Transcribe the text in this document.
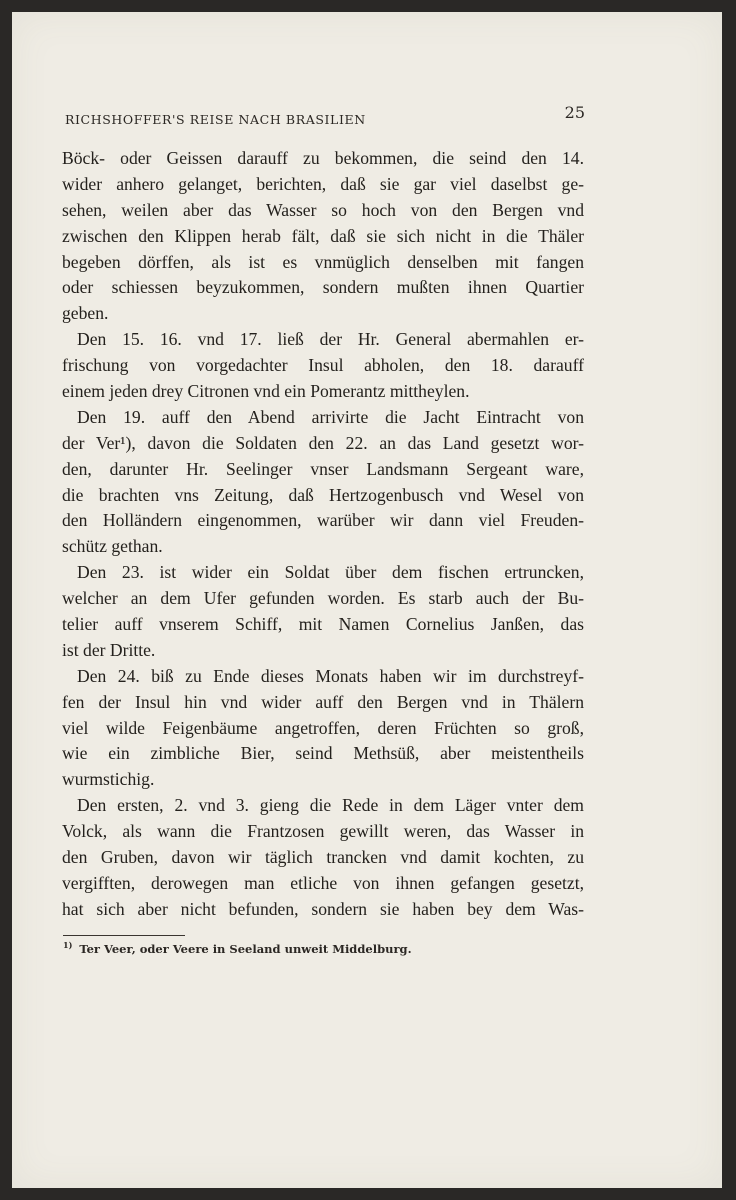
RICHSHOFFER'S REISE NACH BRASILIEN	25
Böck- oder Geissen darauff zu bekommen, die seind den 14.
wider anhero gelanget, berichten, daß sie gar viel daselbst ge-
sehen, weilen aber das Wasser so hoch von den Bergen vnd
zwischen den Klippen herab fält, daß sie sich nicht in die Thäler
begeben dörffen, als ist es vnmüglich denselben mit fangen
oder schiessen beyzukommen, sondern mußten ihnen Quartier
geben.
Den 15. 16. vnd 17. ließ der Hr. General abermahlen er-
frischung von vorgedachter Insul abholen, den 18. darauff
einem jeden drey Citronen vnd ein Pomerantz mittheylen.
Den 19. auff den Abend arrivirte die Jacht Eintracht von
der Ver¹), davon die Soldaten den 22. an das Land gesetzt wor-
den, darunter Hr. Seelinger vnser Landsmann Sergeant ware,
die brachten vns Zeitung, daß Hertzogenbusch vnd Wesel von
den Holländern eingenommen, warüber wir dann viel Freuden-
schütz gethan.
Den 23. ist wider ein Soldat über dem fischen ertruncken,
welcher an dem Ufer gefunden worden. Es starb auch der Bu-
telier auff vnserem Schiff, mit Namen Cornelius Janßen, das
ist der Dritte.
Den 24. biß zu Ende dieses Monats haben wir im durchstreyf-
fen der Insul hin vnd wider auff den Bergen vnd in Thälern
viel wilde Feigenbäume angetroffen, deren Früchten so groß,
wie ein zimbliche Bier, seind Methsüß, aber meistentheils
wurmstichig.
Den ersten, 2. vnd 3. gieng die Rede in dem Läger vnter dem
Volck, als wann die Frantzosen gewillt weren, das Wasser in
den Gruben, davon wir täglich trancken vnd damit kochten, zu
vergifften, derowegen man etliche von ihnen gefangen gesetzt,
hat sich aber nicht befunden, sondern sie haben bey dem Was-
$^{1)}$ Ter Veer, oder Veere in Seeland unweit Middelburg.
